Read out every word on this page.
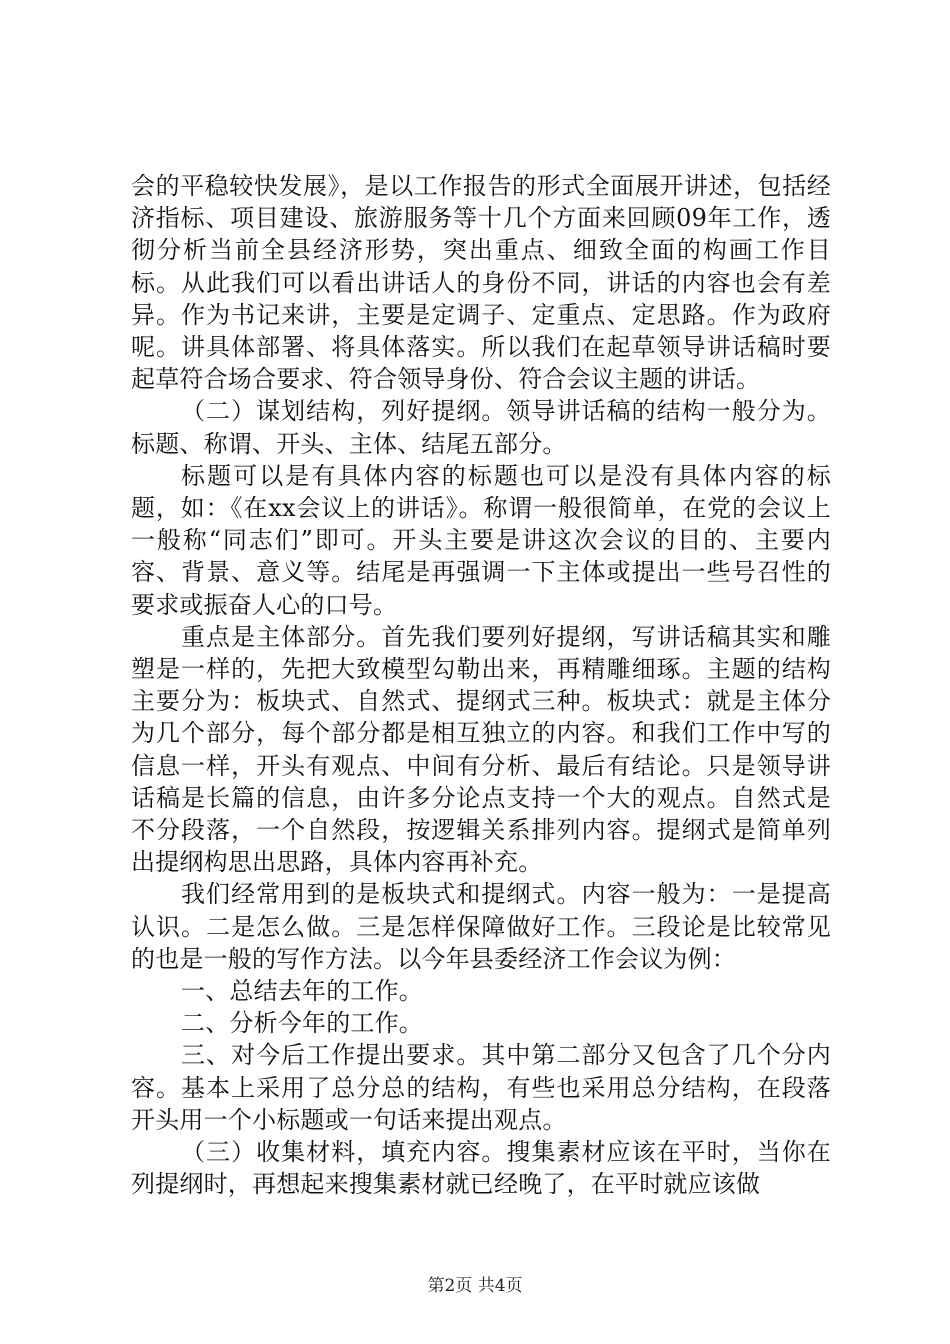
会的平稳较快发展》，是以工作报告的形式全面展开讲述，包括经济指标、项目建设、旅游服务等十几个方面来回顾09年工作，透彻分析当前全县经济形势，突出重点、细致全面的构画工作目标。从此我们可以看出讲话人的身份不同，讲话的内容也会有差异。作为书记来讲，主要是定调子、定重点、定思路。作为政府呢。讲具体部署、将具体落实。所以我们在起草领导讲话稿时要起草符合场合要求、符合领导身份、符合会议主题的讲话。

（二）谋划结构，列好提纲。领导讲话稿的结构一般分为。标题、称谓、开头、主体、结尾五部分。

标题可以是有具体内容的标题也可以是没有具体内容的标题，如：《在xx会议上的讲话》。称谓一般很简单，在党的会议上一般称“同志们”即可。开头主要是讲这次会议的目的、主要内容、背景、意义等。结尾是再强调一下主体或提出一些号召性的要求或振奋人心的口号。

重点是主体部分。首先我们要列好提纲，写讲话稿其实和雕塑是一样的，先把大致模型勾勒出来，再精雕细琢。主题的结构主要分为：板块式、自然式、提纲式三种。板块式：就是主体分为几个部分，每个部分都是相互独立的内容。和我们工作中写的信息一样，开头有观点、中间有分析、最后有结论。只是领导讲话稿是长篇的信息，由许多分论点支持一个大的观点。自然式是不分段落，一个自然段，按逻辑关系排列内容。提纲式是简单列出提纲构思出思路，具体内容再补充。

我们经常用到的是板块式和提纲式。内容一般为：一是提高认识。二是怎么做。三是怎样保障做好工作。三段论是比较常见的也是一般的写作方法。以今年县委经济工作会议为例：

一、总结去年的工作。

二、分析今年的工作。

三、对今后工作提出要求。其中第二部分又包含了几个分内容。基本上采用了总分总的结构，有些也采用总分结构，在段落开头用一个小标题或一句话来提出观点。

（三）收集材料，填充内容。搜集素材应该在平时，当你在列提纲时，再想起来搜集素材就已经晚了，在平时就应该做

第2页 共4页
